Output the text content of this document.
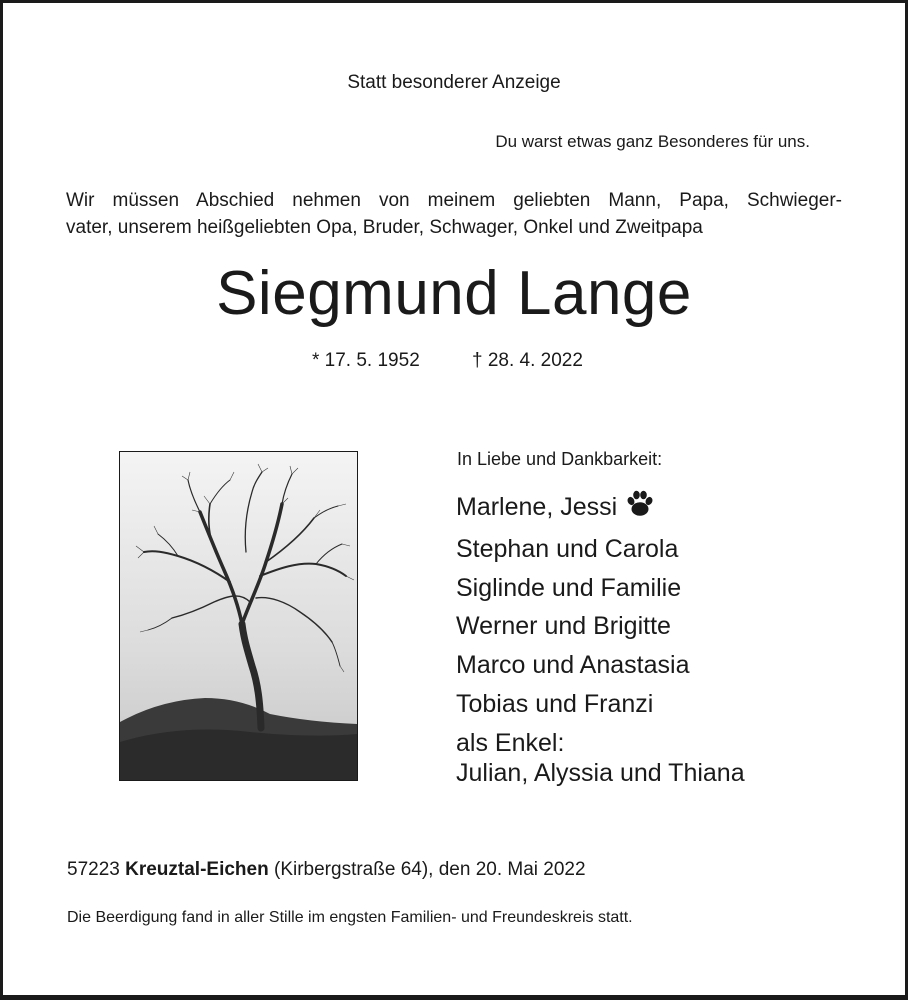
Statt besonderer Anzeige
Du warst etwas ganz Besonderes für uns.
Wir müssen Abschied nehmen von meinem geliebten Mann, Papa, Schwieger-
vater, unserem heißgeliebten Opa, Bruder, Schwager, Onkel und Zweitpapa
Siegmund Lange
* 17. 5. 1952	† 28. 4. 2022
In Liebe und Dankbarkeit:
Marlene, Jessi
Stephan und Carola
Siglinde und Familie
Werner und Brigitte
Marco und Anastasia
Tobias und Franzi
als Enkel:
Julian, Alyssia und Thiana
57223 Kreuztal-Eichen (Kirbergstraße 64), den 20. Mai 2022
Die Beerdigung fand in aller Stille im engsten Familien- und Freundeskreis statt.
